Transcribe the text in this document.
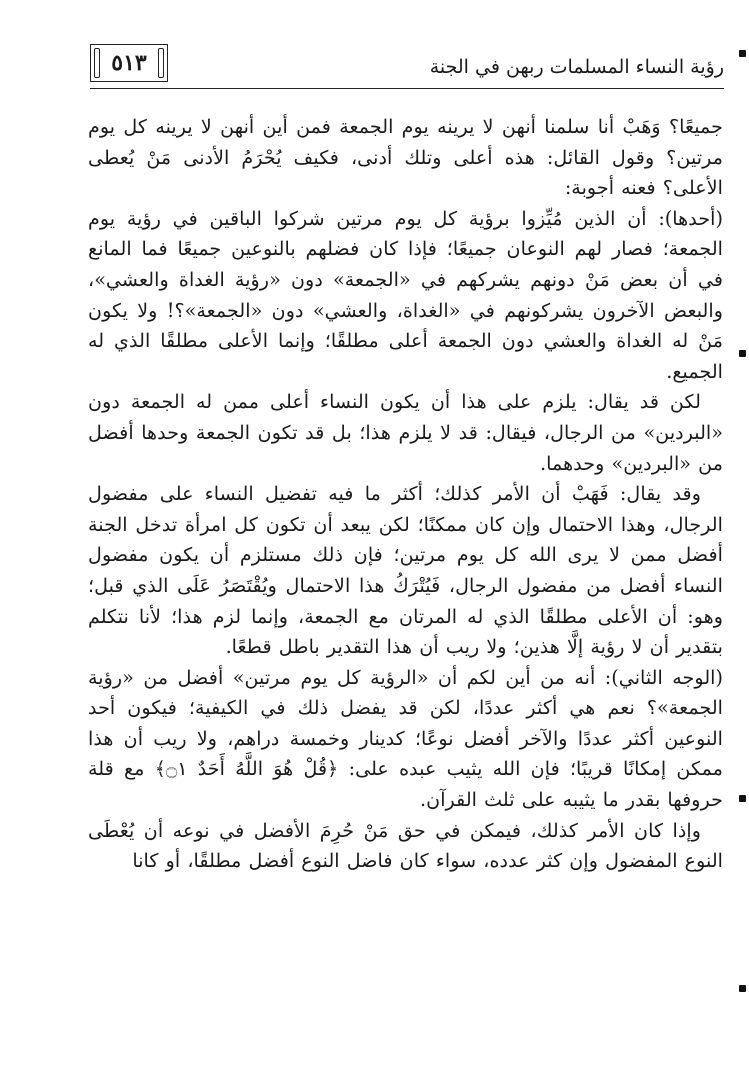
٥١٣	رؤية النساء المسلمات ربهن في الجنة

جميعًا؟ وَهَبْ أنا سلمنا أنهن لا يرينه يوم الجمعة فمن أين أنهن لا يرينه كل يوم مرتين؟ وقول القائل: هذه أعلى وتلك أدنى، فكيف يُحْرَمُ الأدنى مَنْ يُعطى الأعلى؟ فعنه أجوبة:

(أحدها): أن الذين مُيِّزوا برؤية كل يوم مرتين شركوا الباقين في رؤية يوم الجمعة؛ فصار لهم النوعان جميعًا؛ فإذا كان فضلهم بالنوعين جميعًا فما المانع في أن بعض مَنْ دونهم يشركهم في «الجمعة» دون «رؤية الغداة والعشي»، والبعض الآخرون يشركونهم في «الغداة، والعشي» دون «الجمعة»؟! ولا يكون مَنْ له الغداة والعشي دون الجمعة أعلى مطلقًا؛ وإنما الأعلى مطلقًا الذي له الجميع.

لكن قد يقال: يلزم على هذا أن يكون النساء أعلى ممن له الجمعة دون «البردين» من الرجال، فيقال: قد لا يلزم هذا؛ بل قد تكون الجمعة وحدها أفضل من «البردين» وحدهما.

وقد يقال: فَهَبْ أن الأمر كذلك؛ أكثر ما فيه تفضيل النساء على مفضول الرجال، وهذا الاحتمال وإن كان ممكنًا؛ لكن يبعد أن تكون كل امرأة تدخل الجنة أفضل ممن لا يرى الله كل يوم مرتين؛ فإن ذلك مستلزم أن يكون مفضول النساء أفضل من مفضول الرجال، فَيُتْرَكُ هذا الاحتمال ويُقْتَصَرُ عَلَى الذي قبل؛ وهو: أن الأعلى مطلقًا الذي له المرتان مع الجمعة، وإنما لزم هذا؛ لأنا نتكلم بتقدير أن لا رؤية إلَّا هذين؛ ولا ريب أن هذا التقدير باطل قطعًا.

(الوجه الثاني): أنه من أين لكم أن «الرؤية كل يوم مرتين» أفضل من «رؤية الجمعة»؟ نعم هي أكثر عددًا، لكن قد يفضل ذلك في الكيفية؛ فيكون أحد النوعين أكثر عددًا والآخر أفضل نوعًا؛ كدينار وخمسة دراهم، ولا ريب أن هذا ممكن إمكانًا قريبًا؛ فإن الله يثيب عبده على: ﴿قُلْ هُوَ اللَّهُ أَحَدٌ ۝١﴾ مع قلة حروفها بقدر ما يثيبه على ثلث القرآن.

وإذا كان الأمر كذلك، فيمكن في حق مَنْ حُرِمَ الأفضل في نوعه أن يُعْطَى النوع المفضول وإن كثر عدده، سواء كان فاضل النوع أفضل مطلقًا، أو كانا
